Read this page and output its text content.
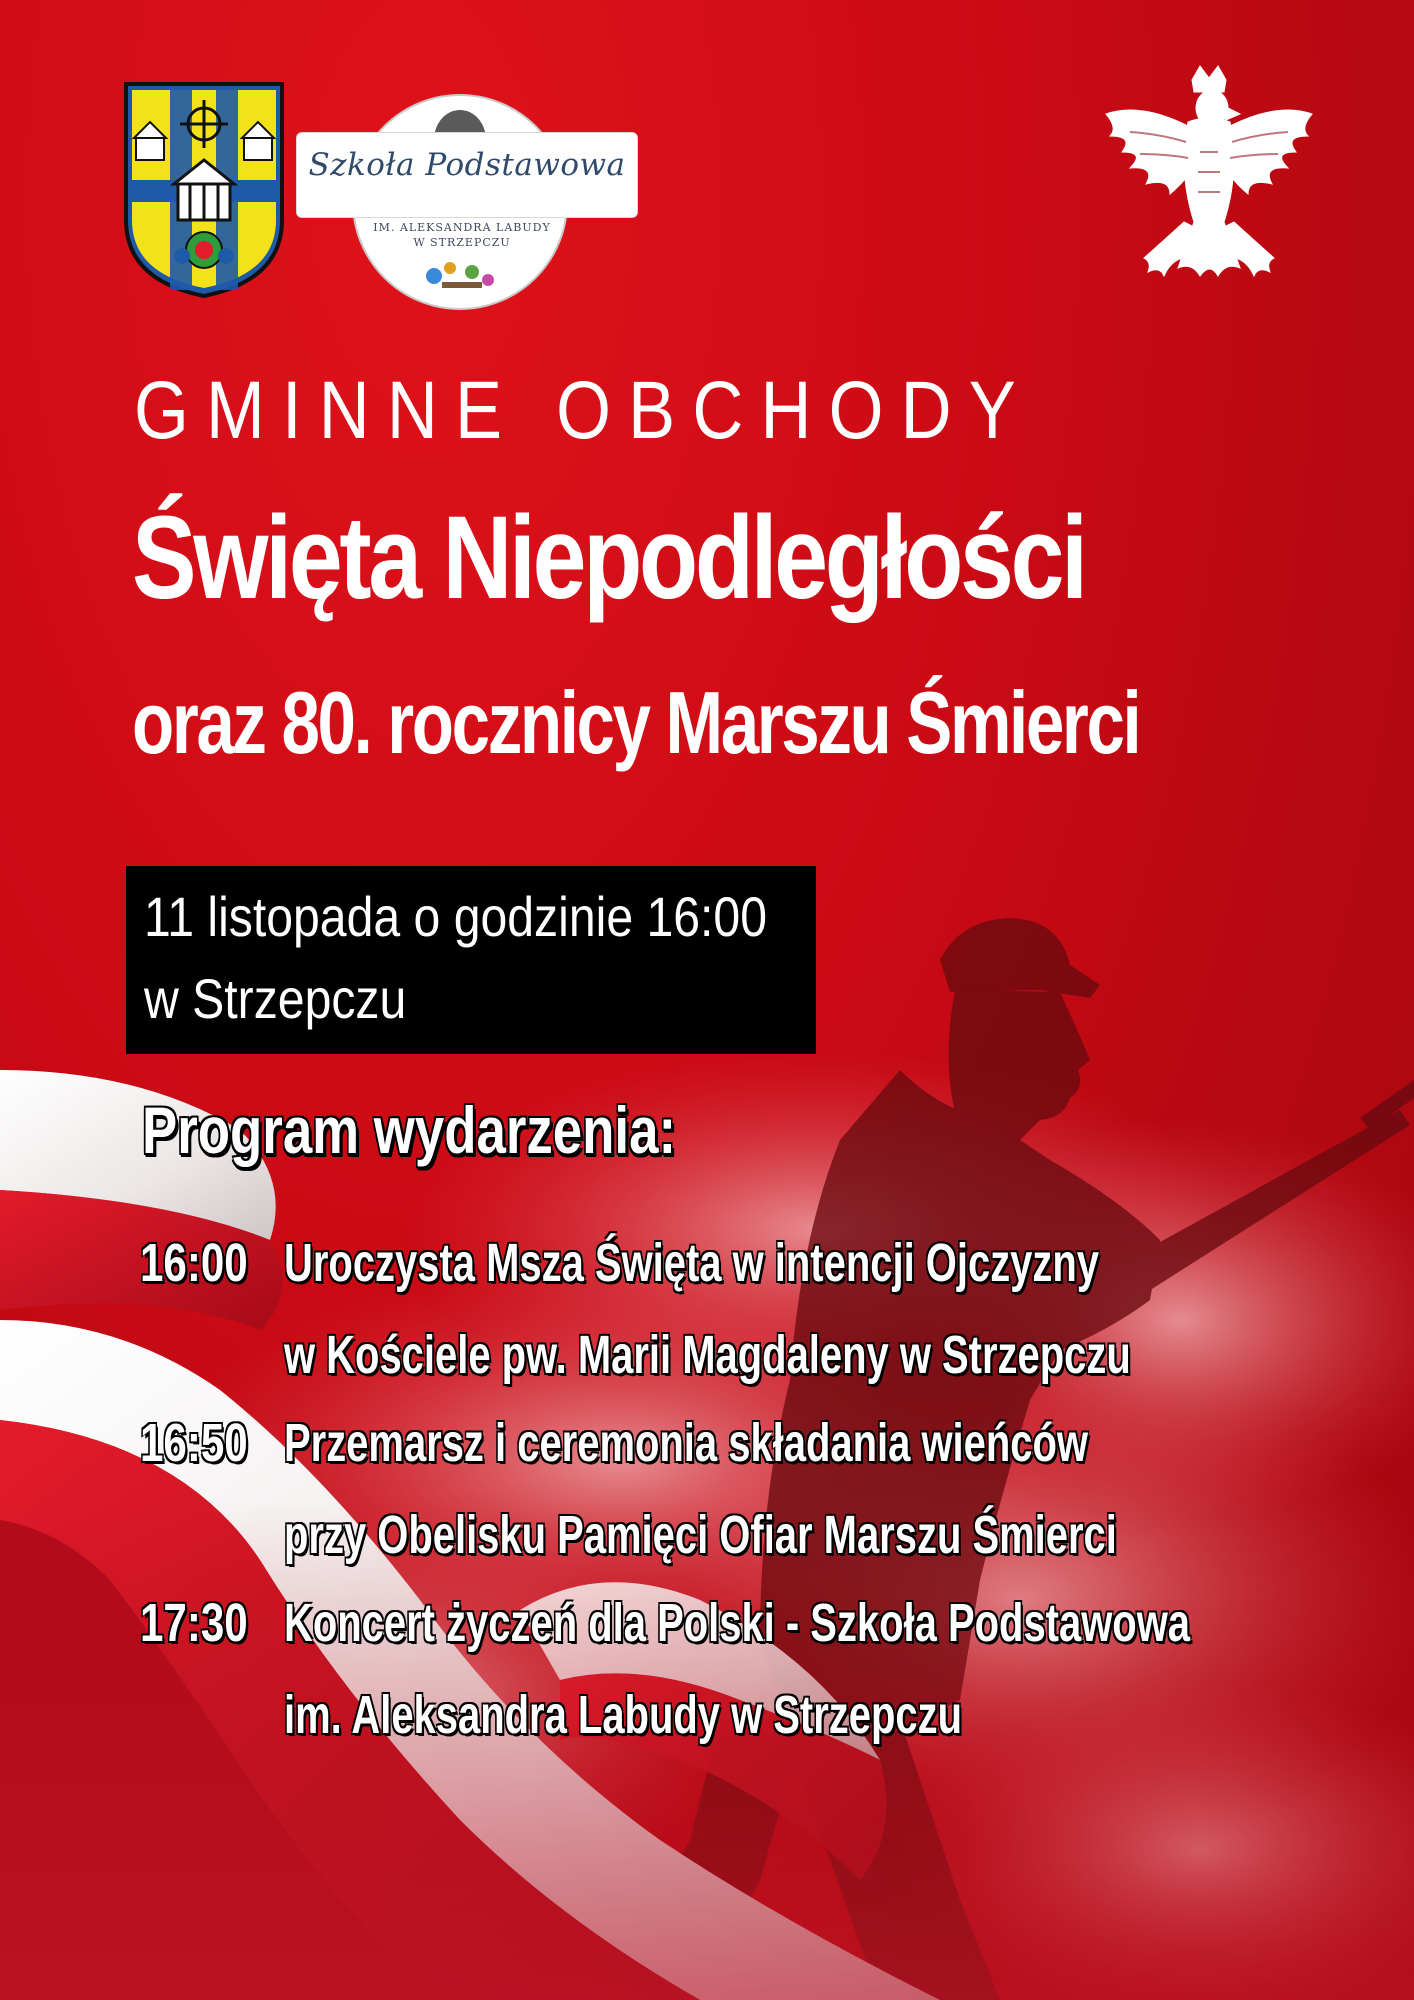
Szkoła Podstawowa
IM. ALEKSANDRA LABUDY
W STRZEPCZU
GMINNE OBCHODY
Święta Niepodległości
oraz 80. rocznicy Marszu Śmierci
11 listopada o godzinie 16:00
w Strzepczu
Program wydarzenia:
16:00 Uroczysta Msza Święta w intencji Ojczyzny
w Kościele pw. Marii Magdaleny w Strzepczu
16:50 Przemarsz i ceremonia składania wieńców
przy Obelisku Pamięci Ofiar Marszu Śmierci
17:30 Koncert życzeń dla Polski - Szkoła Podstawowa
im. Aleksandra Labudy w Strzepczu
